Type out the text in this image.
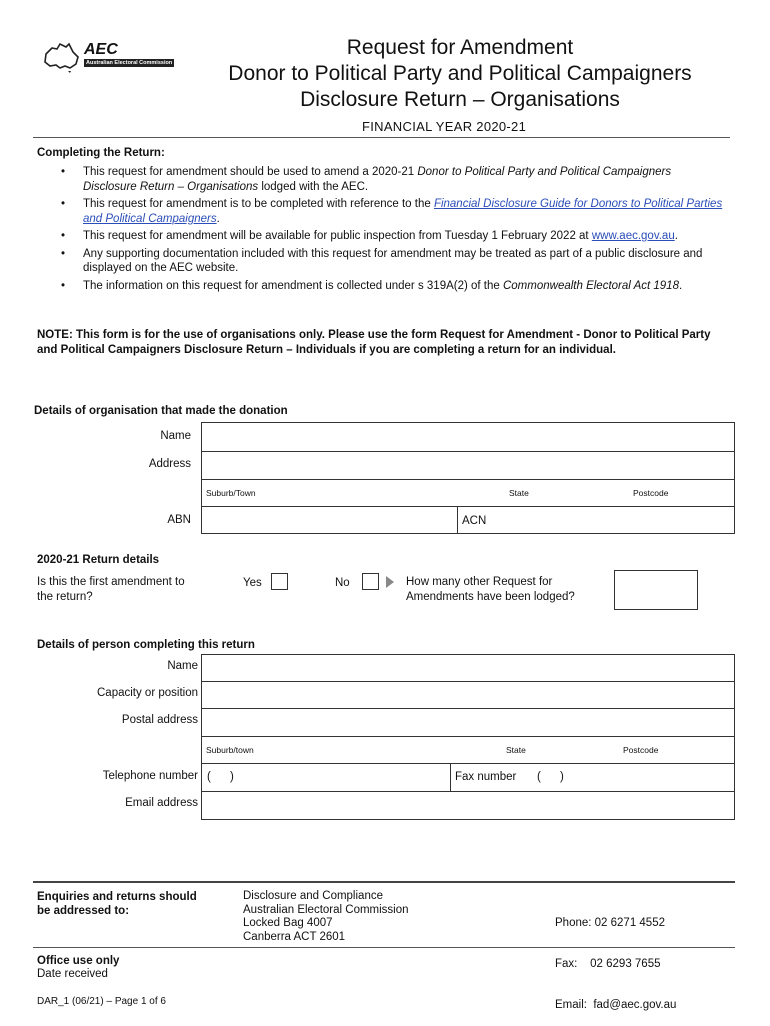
AEC
Australian Electoral Commission
Request for Amendment
Donor to Political Party and Political Campaigners
Disclosure Return – Organisations
FINANCIAL YEAR 2020-21
Completing the Return:
• This request for amendment should be used to amend a 2020-21 Donor to Political Party and Political Campaigners Disclosure Return – Organisations lodged with the AEC.
• This request for amendment is to be completed with reference to the Financial Disclosure Guide for Donors to Political Parties and Political Campaigners.
• This request for amendment will be available for public inspection from Tuesday 1 February 2022 at www.aec.gov.au.
• Any supporting documentation included with this request for amendment may be treated as part of a public disclosure and displayed on the AEC website.
• The information on this request for amendment is collected under s 319A(2) of the Commonwealth Electoral Act 1918.
NOTE: This form is for the use of organisations only. Please use the form Request for Amendment - Donor to Political Party and Political Campaigners Disclosure Return – Individuals if you are completing a return for an individual.
Details of organisation that made the donation
Name
Address
Suburb/Town	State	Postcode
ABN	ACN
2020-21 Return details
Is this the first amendment to the return?
Yes	No	How many other Request for Amendments have been lodged?
Details of person completing this return
Name
Capacity or position
Postal address
Suburb/town	State	Postcode
Telephone number (      )	Fax number (      )
Email address
Enquiries and returns should be addressed to:
Disclosure and Compliance
Australian Electoral Commission
Locked Bag 4007
Canberra ACT 2601

Phone: 02 6271 4552

Fax:    02 6293 7655

Email:  fad@aec.gov.au

Office use only
Date received
DAR_1 (06/21) – Page 1 of 6
